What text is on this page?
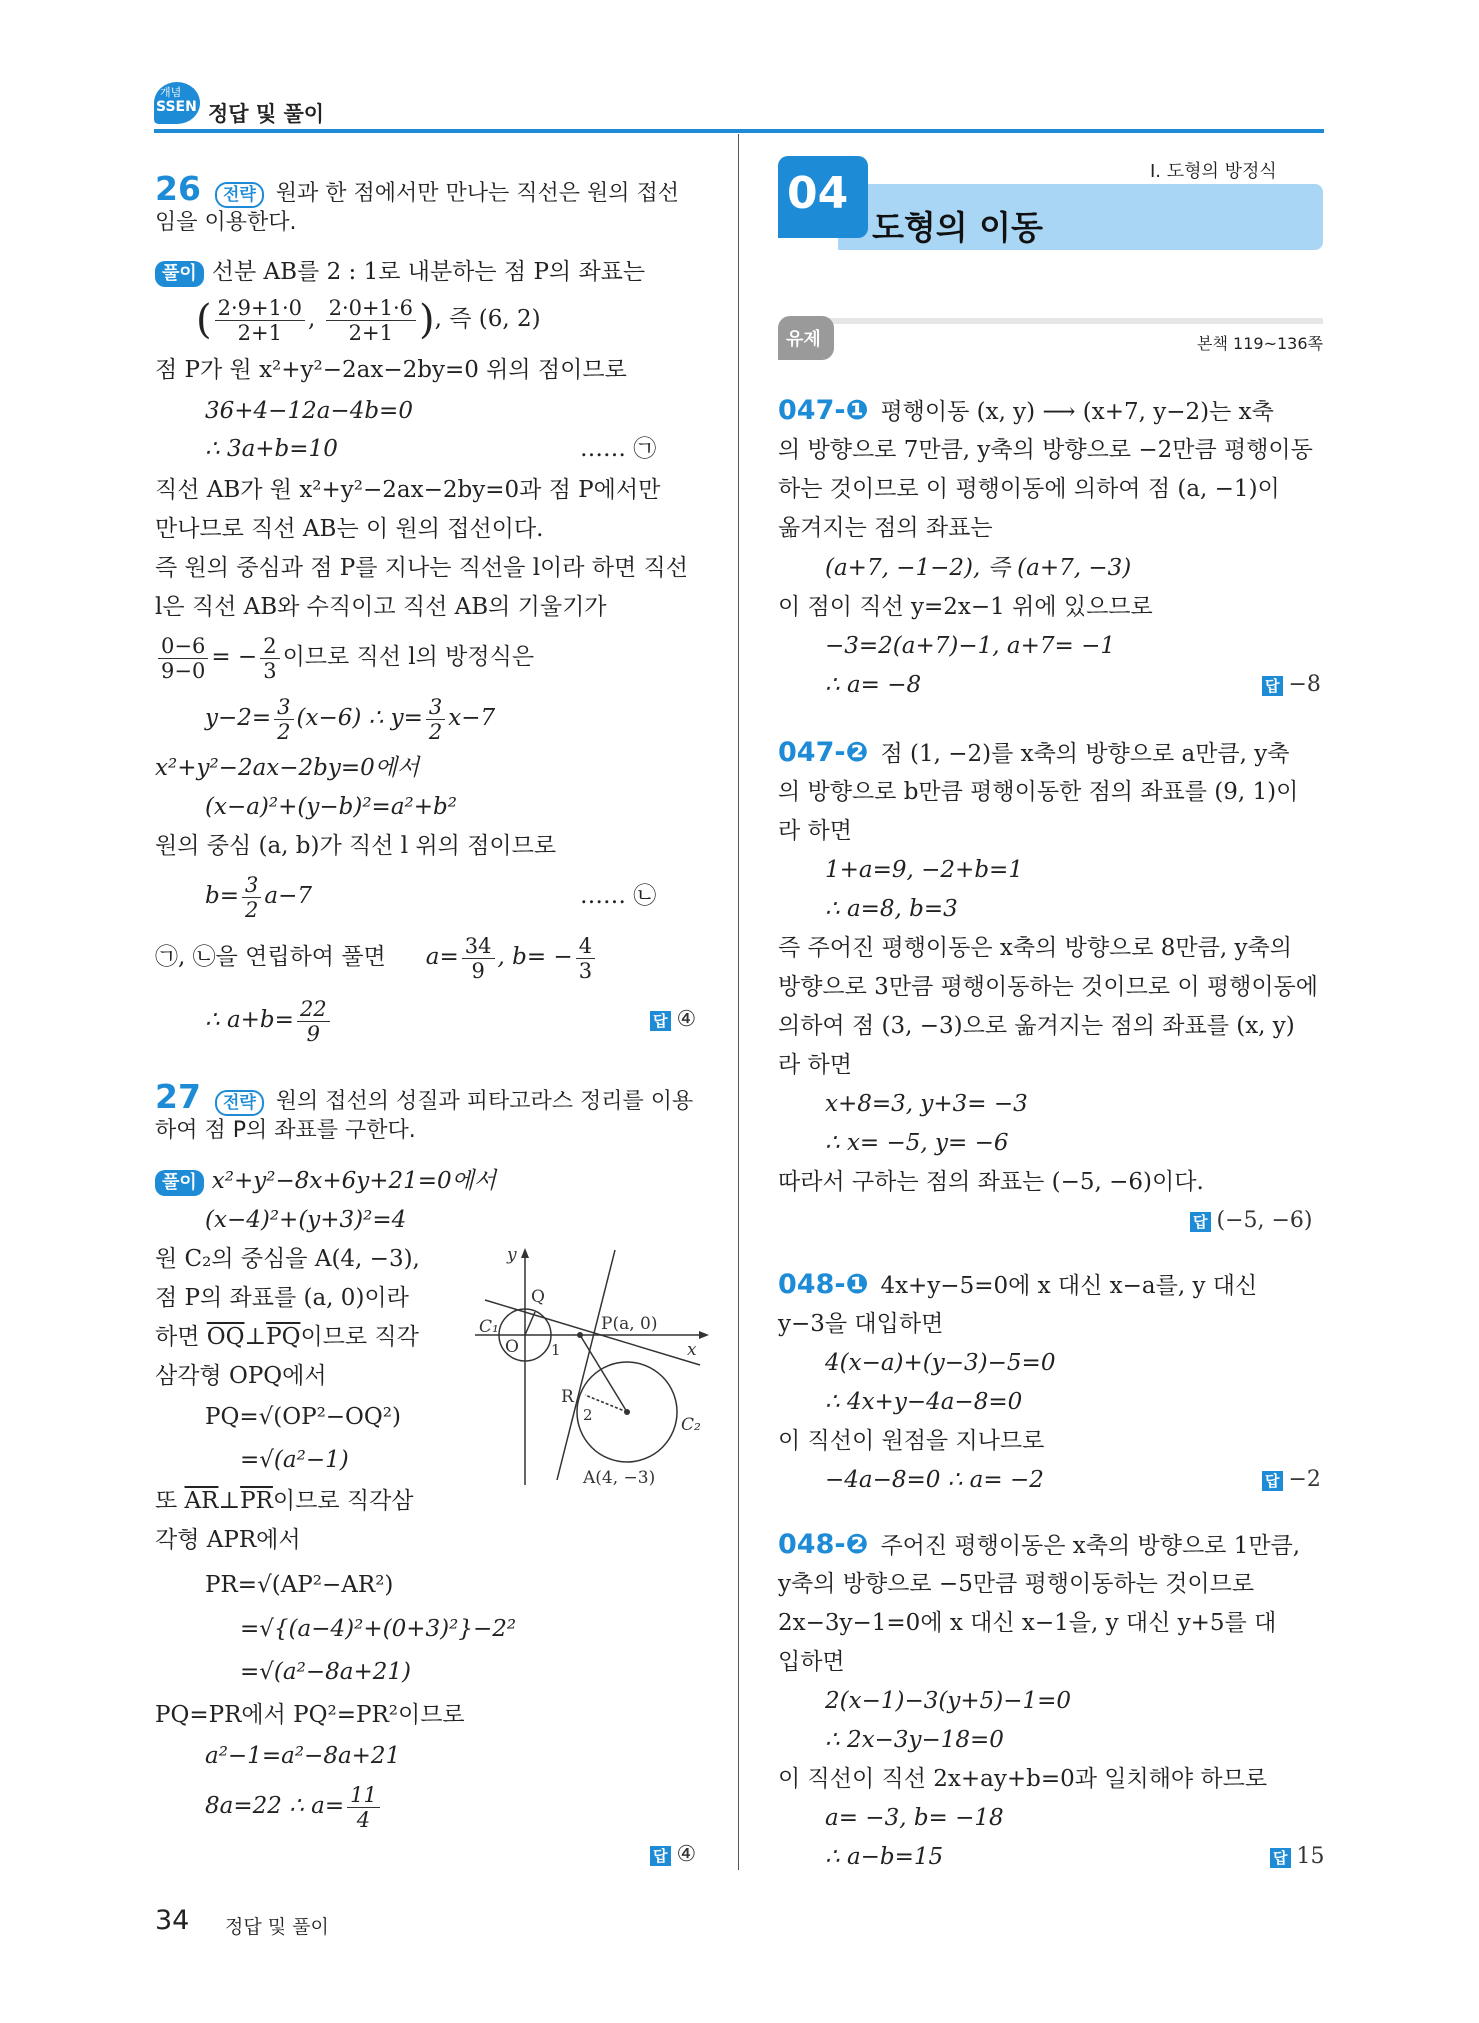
개념
SSEN 정답 및 풀이
26 전략 원과 한 점에서만 만나는 직선은 원의 접선
임을 이용한다.
풀이 선분 AB를 2 : 1로 내분하는 점 P의 좌표는
( $\frac{2\cdot 9+1\cdot 0}{2+1}$ , $\frac{2\cdot 0+1\cdot 6}{2+1}$ ), 즉 (6, 2)
점 P가 원 x²+y²−2ax−2by=0 위의 점이므로
36+4−12a−4b=0
∴ 3a+b=10	…… ㉠
직선 AB가 원 x²+y²−2ax−2by=0과 점 P에서만
만나므로 직선 AB는 이 원의 접선이다.
즉 원의 중심과 점 P를 지나는 직선을 l이라 하면 직선
l은 직선 AB와 수직이고 직선 AB의 기울기가
$\frac{0-6}{9-0}$ = − $\frac{2}{3}$ 이므로 직선 l의 방정식은
$y-2= \frac{3}{2} (x-6)$ ∴ $y= \frac{3}{2} x-7$
x²+y²−2ax−2by=0에서
(x−a)²+(y−b)²=a²+b²
원의 중심 (a, b)가 직선 l 위의 점이므로
$b= \frac{3}{2} a-7$	…… ㉡
㉠, ㉡을 연립하여 풀면 $a= \frac{34}{9}$ , $b= - \frac{4}{3}$
∴ $a+b= \frac{22}{9}$	답 ④
27 전략 원의 접선의 성질과 피타고라스 정리를 이용
하여 점 P의 좌표를 구한다.
풀이 x²+y²−8x+6y+21=0에서
(x−4)²+(y+3)²=4
원 C₂의 중심을 A(4, −3),
점 P의 좌표를 (a, 0)이라
하면 $\overline{OQ}\perp\overline{PQ}$이므로 직각
삼각형 OPQ에서
PQ=√(OP²−OQ²)
=√(a²−1)
또 $\overline{AR}\perp\overline{PR}$이므로 직각삼
각형 APR에서
PR=√(AP²−AR²)
=√{(a−4)²+(0+3)²}−2²
=√(a²−8a+21)
PQ=PR에서 PQ²=PR²이므로
a²−1=a²−8a+21
8a=22 ∴ $a= \frac{11}{4}$
답 ④
y
x
Q
C₁
O 1
P(a, 0)
R
2	C₂
A(4, −3)
I. 도형의 방정식
04
도형의 이동
유제	본책 119~136쪽
047-❶ 평행이동 (x, y) ⟶ (x+7, y−2)는 x축
의 방향으로 7만큼, y축의 방향으로 −2만큼 평행이동
하는 것이므로 이 평행이동에 의하여 점 (a, −1)이
옮겨지는 점의 좌표는
(a+7, −1−2), 즉 (a+7, −3)
이 점이 직선 y=2x−1 위에 있으므로
−3=2(a+7)−1, a+7= −1
∴ a= −8	답 −8
047-❷ 점 (1, −2)를 x축의 방향으로 a만큼, y축
의 방향으로 b만큼 평행이동한 점의 좌표를 (9, 1)이
라 하면
1+a=9, −2+b=1
∴ a=8, b=3
즉 주어진 평행이동은 x축의 방향으로 8만큼, y축의
방향으로 3만큼 평행이동하는 것이므로 이 평행이동에
의하여 점 (3, −3)으로 옮겨지는 점의 좌표를 (x, y)
라 하면
x+8=3, y+3= −3
∴ x= −5, y= −6
따라서 구하는 점의 좌표는 (−5, −6)이다.
답 (−5, −6)
048-❶ 4x+y−5=0에 x 대신 x−a를, y 대신
y−3을 대입하면
4(x−a)+(y−3)−5=0
∴ 4x+y−4a−8=0
이 직선이 원점을 지나므로
−4a−8=0 ∴ a= −2	답 −2
048-❷ 주어진 평행이동은 x축의 방향으로 1만큼,
y축의 방향으로 −5만큼 평행이동하는 것이므로
2x−3y−1=0에 x 대신 x−1을, y 대신 y+5를 대
입하면
2(x−1)−3(y+5)−1=0
∴ 2x−3y−18=0
이 직선이 직선 2x+ay+b=0과 일치해야 하므로
a= −3, b= −18
∴ a−b=15	답 15
34 정답 및 풀이
